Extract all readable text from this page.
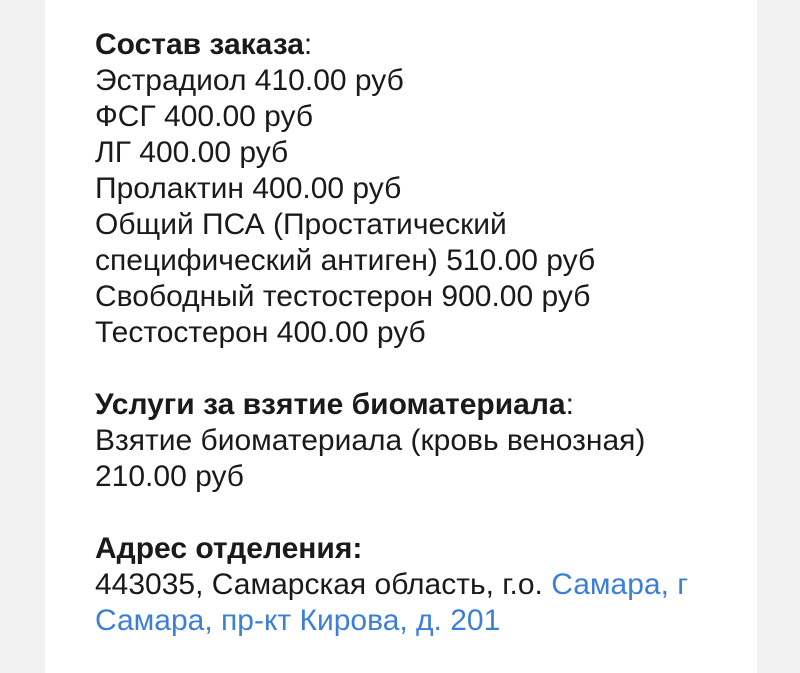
Состав заказа:
Эстрадиол 410.00 руб
ФСГ 400.00 руб
ЛГ 400.00 руб
Пролактин 400.00 руб
Общий ПСА (Простатический
специфический антиген) 510.00 руб
Свободный тестостерон 900.00 руб
Тестостерон 400.00 руб
Услуги за взятие биоматериала:
Взятие биоматериала (кровь венозная)
210.00 руб
Адрес отделения:
443035, Самарская область, г.о. Самара, г
Самара, пр-кт Кирова, д. 201
